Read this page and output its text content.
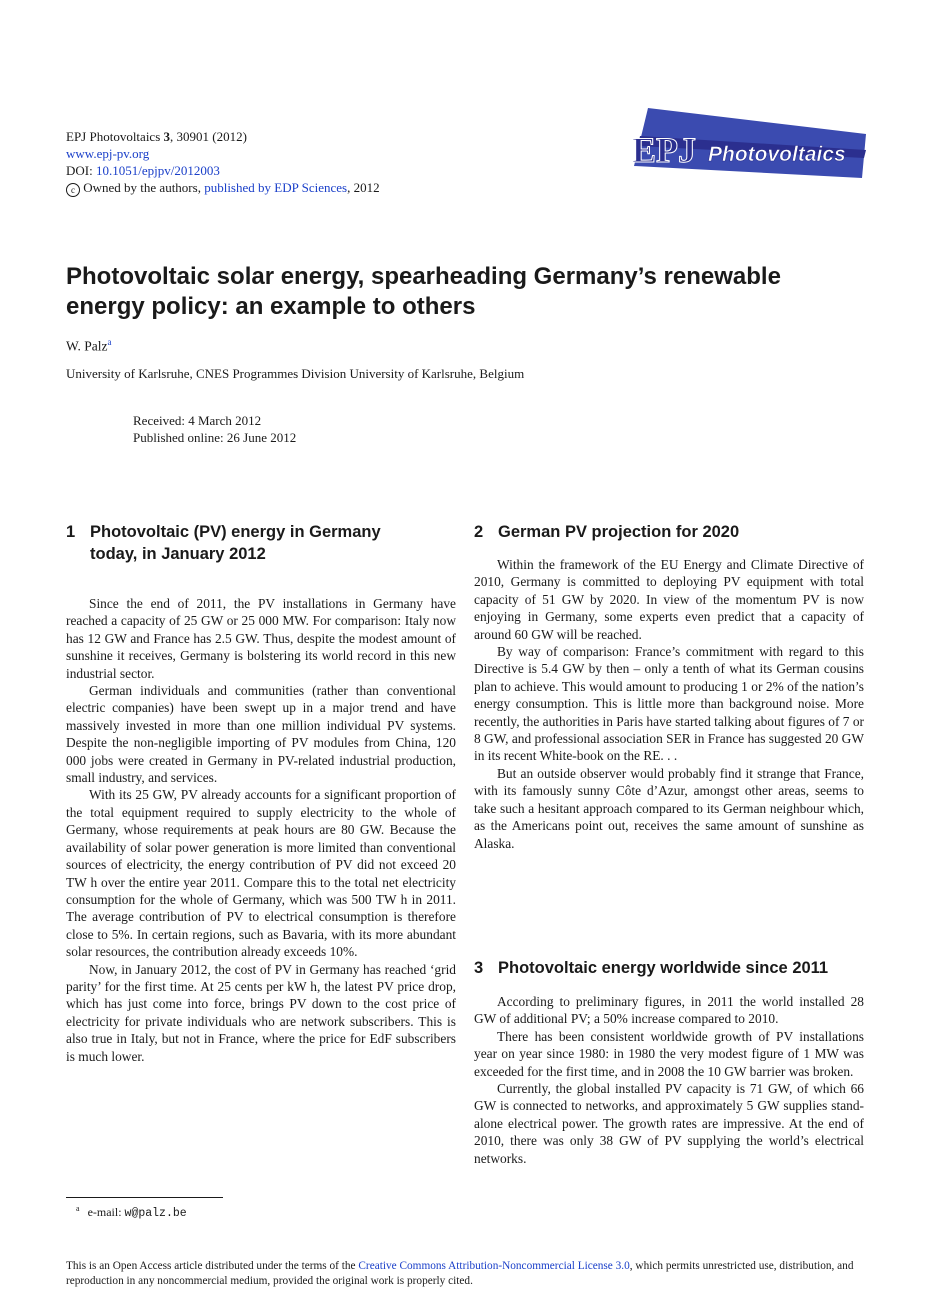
EPJ Photovoltaics 3, 30901 (2012)
www.epj-pv.org
DOI: 10.1051/epjpv/2012003
c Owned by the authors, published by EDP Sciences, 2012
EPJ Photovoltaics
Photovoltaic solar energy, spearheading Germany’s renewable energy policy: an example to others
W. Palz$^a$
University of Karlsruhe, CNES Programmes Division University of Karlsruhe, Belgium
Received: 4 March 2012
Published online: 26 June 2012
1 Photovoltaic (PV) energy in Germany
today, in January 2012

Since the end of 2011, the PV installations in Germany have reached a capacity of 25 GW or 25 000 MW. For comparison: Italy now has 12 GW and France has 2.5 GW. Thus, despite the modest amount of sunshine it receives, Germany is bolstering its world record in this new industrial sector.

German individuals and communities (rather than conventional electric companies) have been swept up in a major trend and have massively invested in more than one million individual PV systems. Despite the non-negligible importing of PV modules from China, 120 000 jobs were created in Germany in PV-related industrial production, small industry, and services.

With its 25 GW, PV already accounts for a significant proportion of the total equipment required to supply electricity to the whole of Germany, whose requirements at peak hours are 80 GW. Because the availability of solar power generation is more limited than conventional sources of electricity, the energy contribution of PV did not exceed 20 TW h over the entire year 2011. Compare this to the total net electricity consumption for the whole of Germany, which was 500 TW h in 2011. The average contribution of PV to electrical consumption is therefore close to 5%. In certain regions, such as Bavaria, with its more abundant solar resources, the contribution already exceeds 10%.

Now, in January 2012, the cost of PV in Germany has reached ‘grid parity’ for the first time. At 25 cents per kW h, the latest PV price drop, which has just come into force, brings PV down to the cost price of electricity for private individuals who are network subscribers. This is also true in Italy, but not in France, where the price for EdF subscribers is much lower.

2 German PV projection for 2020

Within the framework of the EU Energy and Climate Directive of 2010, Germany is committed to deploying PV equipment with total capacity of 51 GW by 2020. In view of the momentum PV is now enjoying in Germany, some experts even predict that a capacity of around 60 GW will be reached.

By way of comparison: France’s commitment with regard to this Directive is 5.4 GW by then – only a tenth of what its German cousins plan to achieve. This would amount to producing 1 or 2% of the nation’s energy consumption. This is little more than background noise. More recently, the authorities in Paris have started talking about figures of 7 or 8 GW, and professional association SER in France has suggested 20 GW in its recent White-book on the RE. . .

But an outside observer would probably find it strange that France, with its famously sunny Côte d’Azur, amongst other areas, seems to take such a hesitant approach compared to its German neighbour which, as the Americans point out, receives the same amount of sunshine as Alaska.

3 Photovoltaic energy worldwide since 2011

According to preliminary figures, in 2011 the world installed 28 GW of additional PV; a 50% increase compared to 2010.

There has been consistent worldwide growth of PV installations year on year since 1980: in 1980 the very modest figure of 1 MW was exceeded for the first time, and in 2008 the 10 GW barrier was broken.

Currently, the global installed PV capacity is 71 GW, of which 66 GW is connected to networks, and approximately 5 GW supplies stand-alone electrical power. The growth rates are impressive. At the end of 2010, there was only 38 GW of PV supplying the world’s electrical networks.

$^a$ e-mail: w@palz.be
This is an Open Access article distributed under the terms of the Creative Commons Attribution-Noncommercial License 3.0, which permits unrestricted use, distribution, and reproduction in any noncommercial medium, provided the original work is properly cited.
